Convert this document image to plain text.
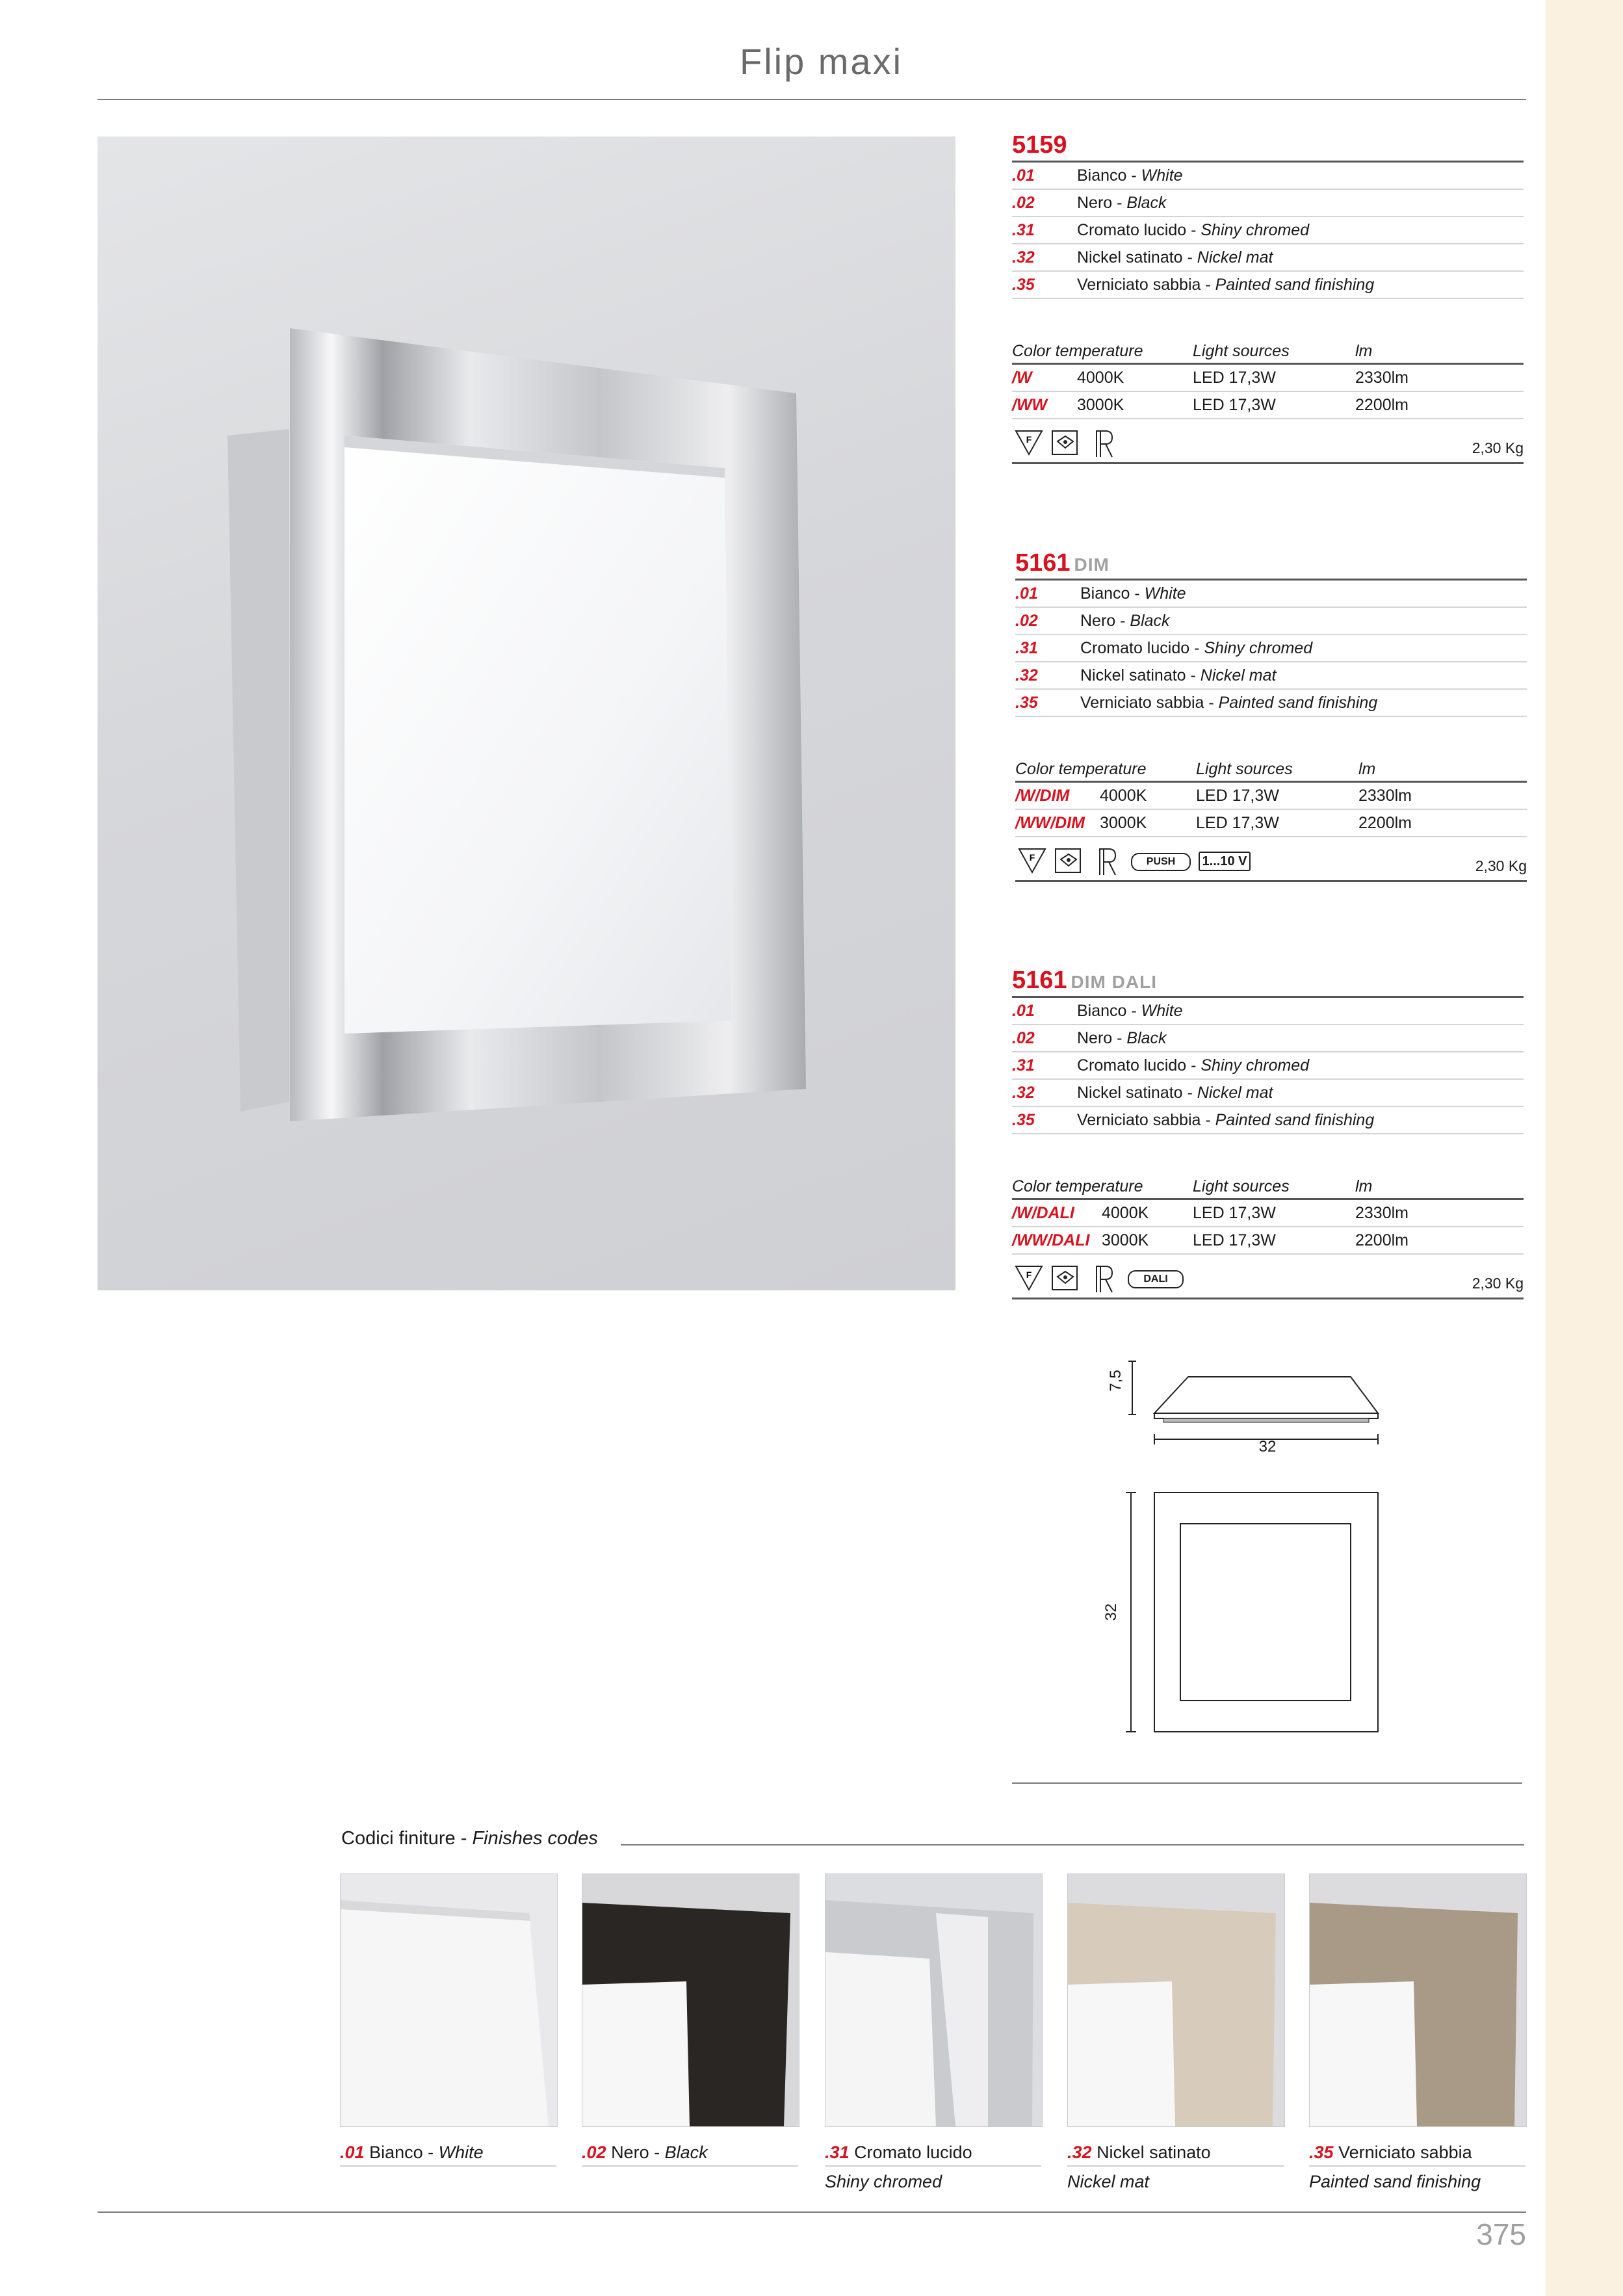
Flip maxi
5159
.01	Bianco - White
.02	Nero - Black
.31	Cromato lucido - Shiny chromed
.32	Nickel satinato - Nickel mat
.35	Verniciato sabbia - Painted sand finishing
Color temperature	Light sources	lm
/W	4000K	LED 17,3W	2330lm
/WW 3000K	LED 17,3W	2200lm
F	2,30 Kg
5161 DIM
.01	Bianco - White
.02	Nero - Black
.31	Cromato lucido - Shiny chromed
.32	Nickel satinato - Nickel mat
.35	Verniciato sabbia - Painted sand finishing
Color temperature	Light sources	lm
/W/DIM 4000K	LED 17,3W	2330lm
/WW/DIM 3000K	LED 17,3W	2200lm
F	PUSH	1...10 V	2,30 Kg
5161 DIM DALI
.01	Bianco - White
.02	Nero - Black
.31	Cromato lucido - Shiny chromed
.32	Nickel satinato - Nickel mat
.35	Verniciato sabbia - Painted sand finishing
Color temperature	Light sources	lm
/W/DALI 4000K	LED 17,3W	2330lm
/WW/DALI 3000K	LED 17,3W	2200lm
F	DALI	2,30 Kg
7,5
32
32
Codici finiture - Finishes codes
.01 Bianco - White	.02 Nero - Black	.31 Cromato lucido
Shiny chromed
.32 Nickel satinato
Nickel mat
.35 Verniciato sabbia
Painted sand finishing
375
